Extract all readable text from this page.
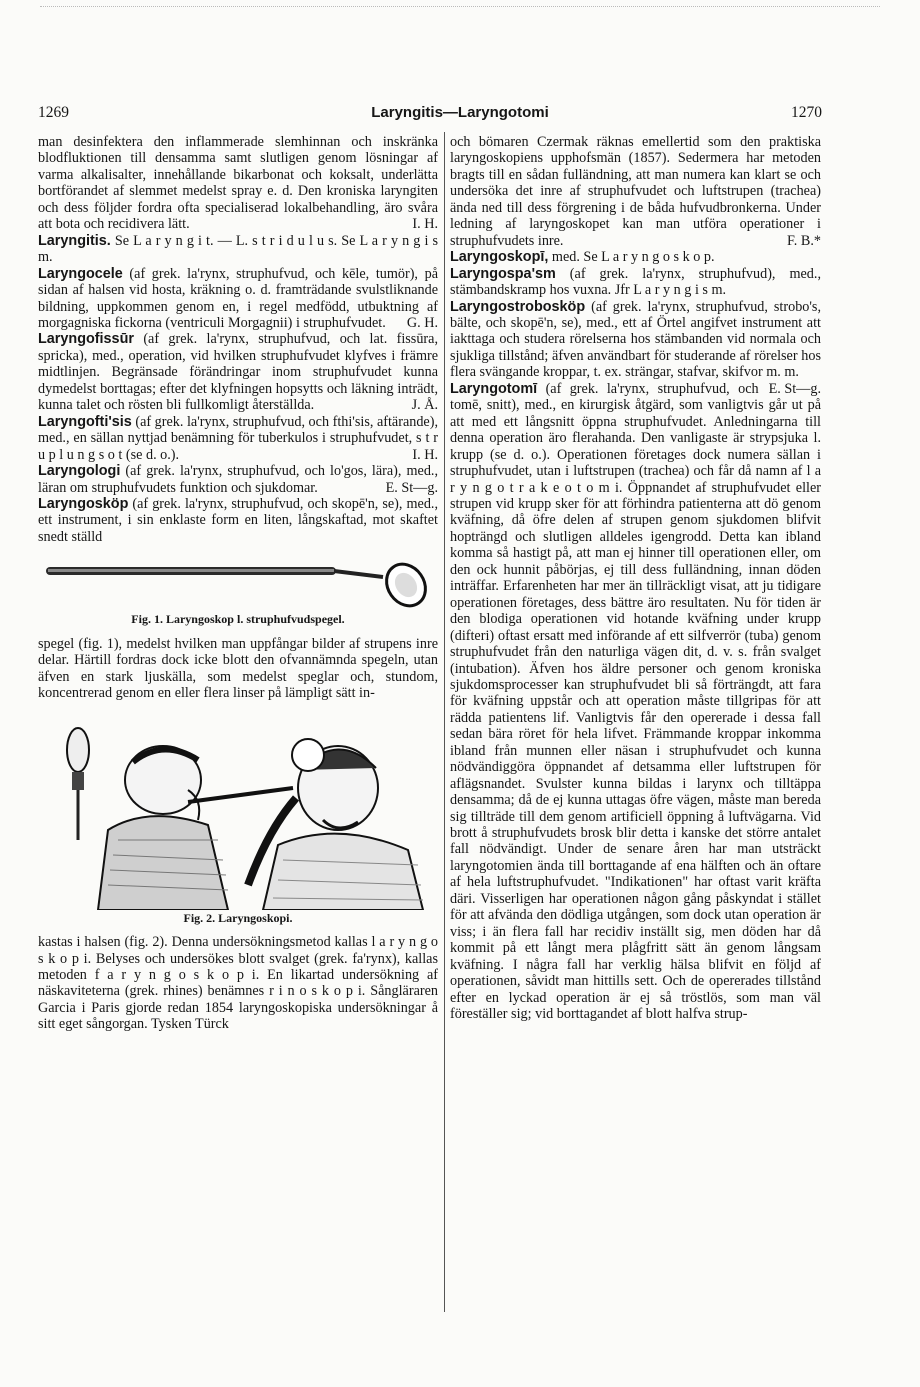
1269	Laryngitis—Laryngotomi	1270

man desinfektera den inflammerade slemhinnan och inskränka blodfluktionen till densamma samt slutligen genom lösningar af varma alkalisalter, innehållande bikarbonat och koksalt, underlätta bortförandet af slemmet medelst spray e. d. Den kroniska laryngiten och dess följder fordra ofta specialiserad lokalbehandling, äro svåra att bota och recidivera lätt.	I. H.

Laryngitis. Se L a r y n g i t. — L. s t r i d u l u s. Se L a r y n g i s m.

Laryngocele (af grek. la'rynx, struphufvud, och kēle, tumör), på sidan af halsen vid hosta, kräkning o. d. framträdande svulstliknande bildning, uppkommen genom en, i regel medfödd, utbuktning af morgagniska fickorna (ventriculi Morgagnii) i struphufvudet. G. H.

Laryngofissūr (af grek. la'rynx, struphufvud, och lat. fissūra, spricka), med., operation, vid hvilken struphufvudet klyfves i främre midtlinjen. Begränsade förändringar inom struphufvudet kunna dymedelst borttagas; efter det klyfningen hopsytts och läkning inträdt, kunna talet och rösten bli fullkomligt återställda.	J. Å.

Laryngofti'sis (af grek. la'rynx, struphufvud, och fthi'sis, aftärande), med., en sällan nyttjad benämning för tuberkulos i struphufvudet, s t r u p l u n g s o t (se d. o.).	I. H.

Laryngologi (af grek. la'rynx, struphufvud, och lo'gos, lära), med., läran om struphufvudets funktion och sjukdomar.	E. St—g.

Laryngosköp (af grek. la'rynx, struphufvud, och skopē'n, se), med., ett instrument, i sin enklaste form en liten, långskaftad, mot skaftet snedt ställd

Fig. 1. Laryngoskop l. struphufvudspegel.

spegel (fig. 1), medelst hvilken man uppfångar bilder af strupens inre delar. Härtill fordras dock icke blott den ofvannämnda spegeln, utan äfven en stark ljuskälla, som medelst speglar och, stundom, koncentrerad genom en eller flera linser på lämpligt sätt in-

Fig. 2. Laryngoskopi.

kastas i halsen (fig. 2). Denna undersökningsmetod kallas l a r y n g o s k o p i. Belyses och undersökes blott svalget (grek. fa'rynx), kallas metoden f a r y n g o s k o p i. En likartad undersökning af näskaviteterna (grek. rhines) benämnes r i n o s k o p i. Sångläraren Garcia i Paris gjorde redan 1854 laryngoskopiska undersökningar å sitt eget sångorgan. Tysken Türck

och bömaren Czermak räknas emellertid som den praktiska laryngoskopiens upphofsmän (1857). Sedermera har metoden bragts till en sådan fulländning, att man numera kan klart se och undersöka det inre af struphufvudet och luftstrupen (trachea) ända ned till dess förgrening i de båda hufvudbronkerna. Under ledning af laryngoskopet kan man utföra operationer i struphufvudets inre.	F. B.*

Laryngoskopī, med. Se L a r y n g o s k o p.

Laryngospa'sm (af grek. la'rynx, struphufvud), med., stämbandskramp hos vuxna. Jfr L a r y n g i s m.

Laryngostrobosköp (af grek. la'rynx, struphufvud, strobo's, bälte, och skopē'n, se), med., ett af Örtel angifvet instrument att iakttaga och studera rörelserna hos stämbanden vid normala och sjukliga tillstånd; äfven användbart för studerande af rörelser hos flera svängande kroppar, t. ex. strängar, stafvar, skifvor m. m.
E. St—g.

Laryngotomī (af grek. la'rynx, struphufvud, och tomē, snitt), med., en kirurgisk åtgärd, som vanligtvis går ut på att med ett långsnitt öppna struphufvudet. Anledningarna till denna operation äro flerahanda. Den vanligaste är strypsjuka l. krupp (se d. o.). Operationen företages dock numera sällan i struphufvudet, utan i luftstrupen (trachea) och får då namn af l a r y n g o t r a k e o t o m i. Öppnandet af struphufvudet eller strupen vid krupp sker för att förhindra patienterna att dö genom kväfning, då öfre delen af strupen genom sjukdomen blifvit hopträngd och slutligen alldeles igengrodd. Detta kan ibland komma så hastigt på, att man ej hinner till operationen eller, om den ock hunnit påbörjas, ej till dess fulländning, innan döden inträffar. Erfarenheten har mer än tillräckligt visat, att ju tidigare operationen företages, dess bättre äro resultaten. Nu för tiden är den blodiga operationen vid hotande kväfning under krupp (difteri) oftast ersatt med införande af ett silfverrör (tuba) genom struphufvudet från den naturliga vägen dit, d. v. s. från svalget (intubation). Äfven hos äldre personer och genom kroniska sjukdomsprocesser kan struphufvudet bli så förträngdt, att fara för kväfning uppstår och att operation måste tillgripas för att rädda patientens lif. Vanligtvis får den opererade i dessa fall sedan bära röret för hela lifvet. Främmande kroppar inkomma ibland från munnen eller näsan i struphufvudet och kunna nödvändiggöra öppnandet af detsamma eller luftstrupen för aflägsnandet. Svulster kunna bildas i larynx och tilltäppa densamma; då de ej kunna uttagas öfre vägen, måste man bereda sig tillträde till dem genom artificiell öppning å luftvägarna. Vid brott å struphufvudets brosk blir detta i kanske det större antalet fall nödvändigt. Under de senare åren har man utsträckt laryngotomien ända till borttagande af ena hälften och än oftare af hela luftstruphufvudet. "Indikationen" har oftast varit kräfta däri. Visserligen har operationen någon gång påskyndat i stället för att afvända den dödliga utgången, som dock utan operation är viss; i än flera fall har recidiv inställt sig, men döden har då kommit på ett långt mera plågfritt sätt än genom långsam kväfning. I några fall har verklig hälsa blifvit en följd af operationen, såvidt man hittills sett. Och de opererades tillstånd efter en lyckad operation är ej så tröstlös, som man väl föreställer sig; vid borttagandet af blott halfva strup-
